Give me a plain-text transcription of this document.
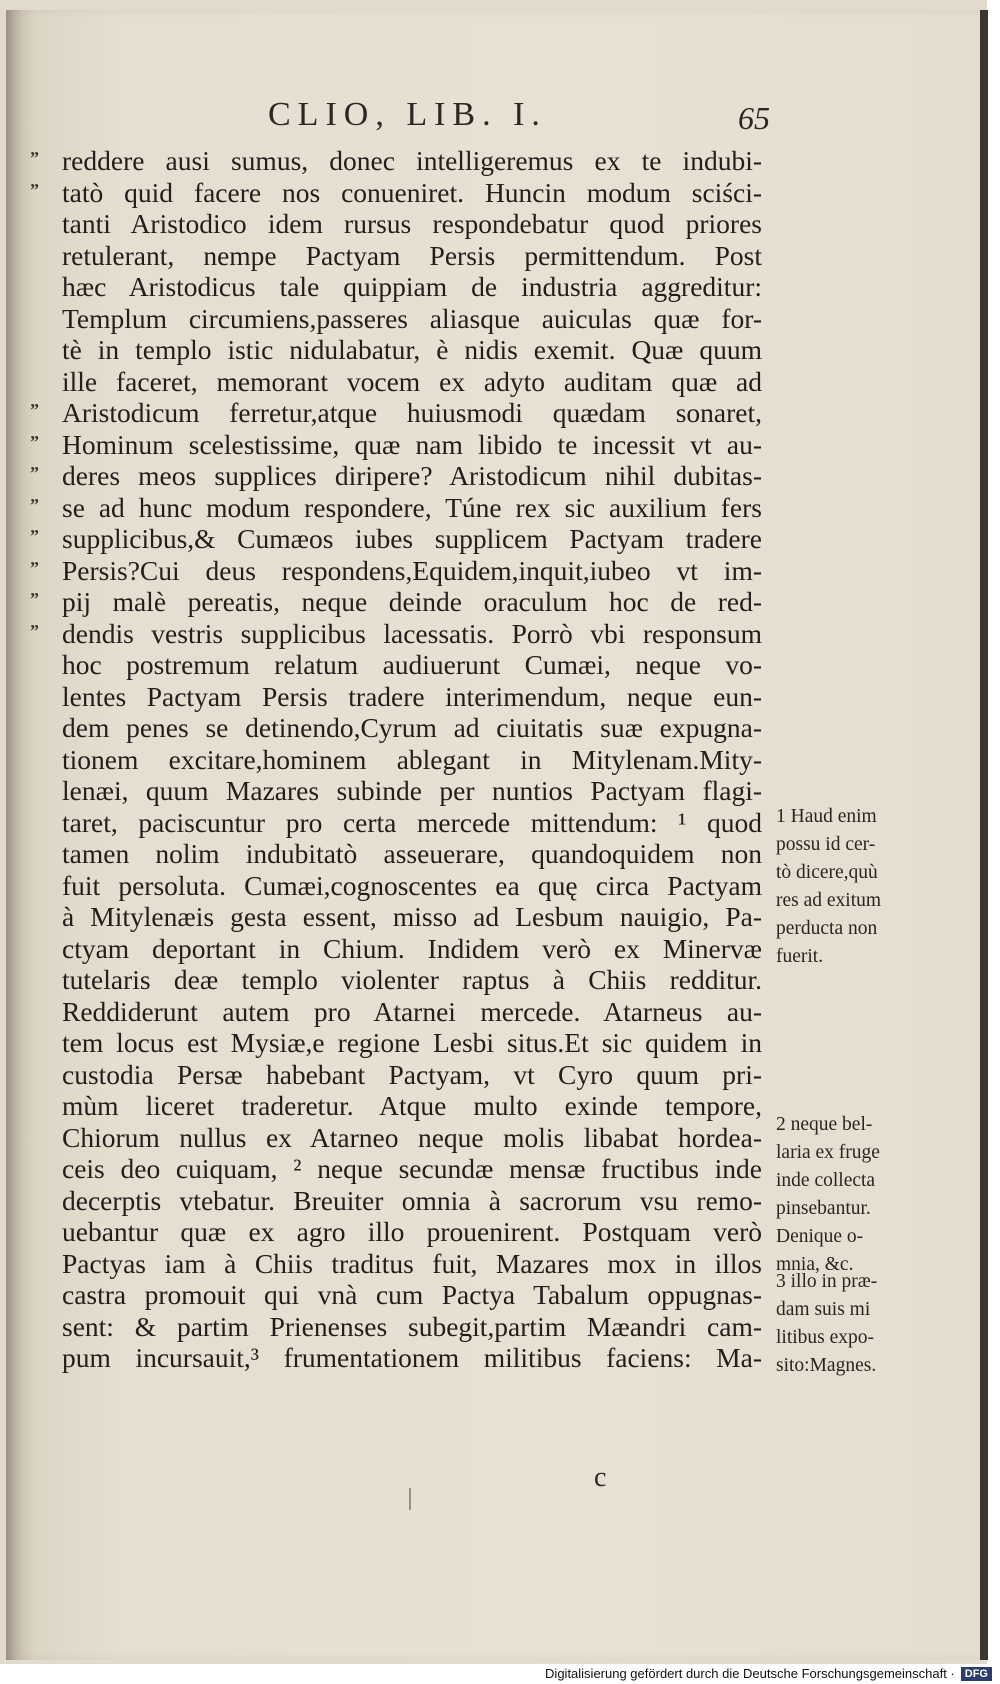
CLIO, LIB. I.	65
” reddere ausi sumus, donec intelligeremus ex te indubi-
” tatò quid facere nos conueniret. Huncin modum sciści-
tanti Aristodico idem rursus respondebatur quod priores
retulerant, nempe Pactyam Persis permittendum. Post
hæc Aristodicus tale quippiam de industria aggreditur:
Templum circumiens,passeres aliasque auiculas quæ for-
tè in templo istic nidulabatur, è nidis exemit. Quæ quum
ille faceret, memorant vocem ex adyto auditam quæ ad
” Aristodicum ferretur,atque huiusmodi quædam sonaret,
” Hominum scelestissime, quæ nam libido te incessit vt au-
” deres meos supplices diripere? Aristodicum nihil dubitas-
” se ad hunc modum respondere, Túne rex sic auxilium fers
” supplicibus,& Cumæos iubes supplicem Pactyam tradere
” Persis?Cui deus respondens,Equidem,inquit,iubeo vt im-
” pij malè pereatis, neque deinde oraculum hoc de red-
” dendis vestris supplicibus lacessatis. Porrò vbi responsum
hoc postremum relatum audiuerunt Cumæi, neque vo-
lentes Pactyam Persis tradere interimendum, neque eun-
dem penes se detinendo,Cyrum ad ciuitatis suæ expugna-
tionem excitare,hominem ablegant in Mitylenam.Mity-
lenæi, quum Mazares subinde per nuntios Pactyam flagi-
taret, paciscuntur pro certa mercede mittendum: ¹ quod
tamen nolim indubitatò asseuerare, quandoquidem non
fuit persoluta. Cumæi,cognoscentes ea quę circa Pactyam
à Mitylenæis gesta essent, misso ad Lesbum nauigio, Pa-
ctyam deportant in Chium. Indidem verò ex Minervæ
tutelaris deæ templo violenter raptus à Chiis redditur.
Reddiderunt autem pro Atarnei mercede. Atarneus au-
tem locus est Mysiæ,e regione Lesbi situs.Et sic quidem in
custodia Persæ habebant Pactyam, vt Cyro quum pri-
mùm liceret traderetur. Atque multo exinde tempore,
Chiorum nullus ex Atarneo neque molis libabat hordea-
ceis deo cuiquam, ² neque secundæ mensæ fructibus inde
decerptis vtebatur. Breuiter omnia à sacrorum vsu remo-
uebantur quæ ex agro illo prouenirent. Postquam verò
Pactyas iam à Chiis traditus fuit, Mazares mox in illos
castra promouit qui vnà cum Pactya Tabalum oppugnas-
sent: & partim Prienenses subegit,partim Mæandri cam-
pum incursauit,³ frumentationem militibus faciens: Ma-
1 Haud enim
possu id cer-
tò dicere,quù
res ad exitum
perducta non
fuerit.
2 neque bel-
laria ex fruge
inde collecta
pinsebantur.
Denique o-
mnia, &c.
3 illo in præ-
dam suis mi
litibus expo-
sito:Magnes.
c
Digitalisierung gefördert durch die Deutsche Forschungsgemeinschaft · DFG
